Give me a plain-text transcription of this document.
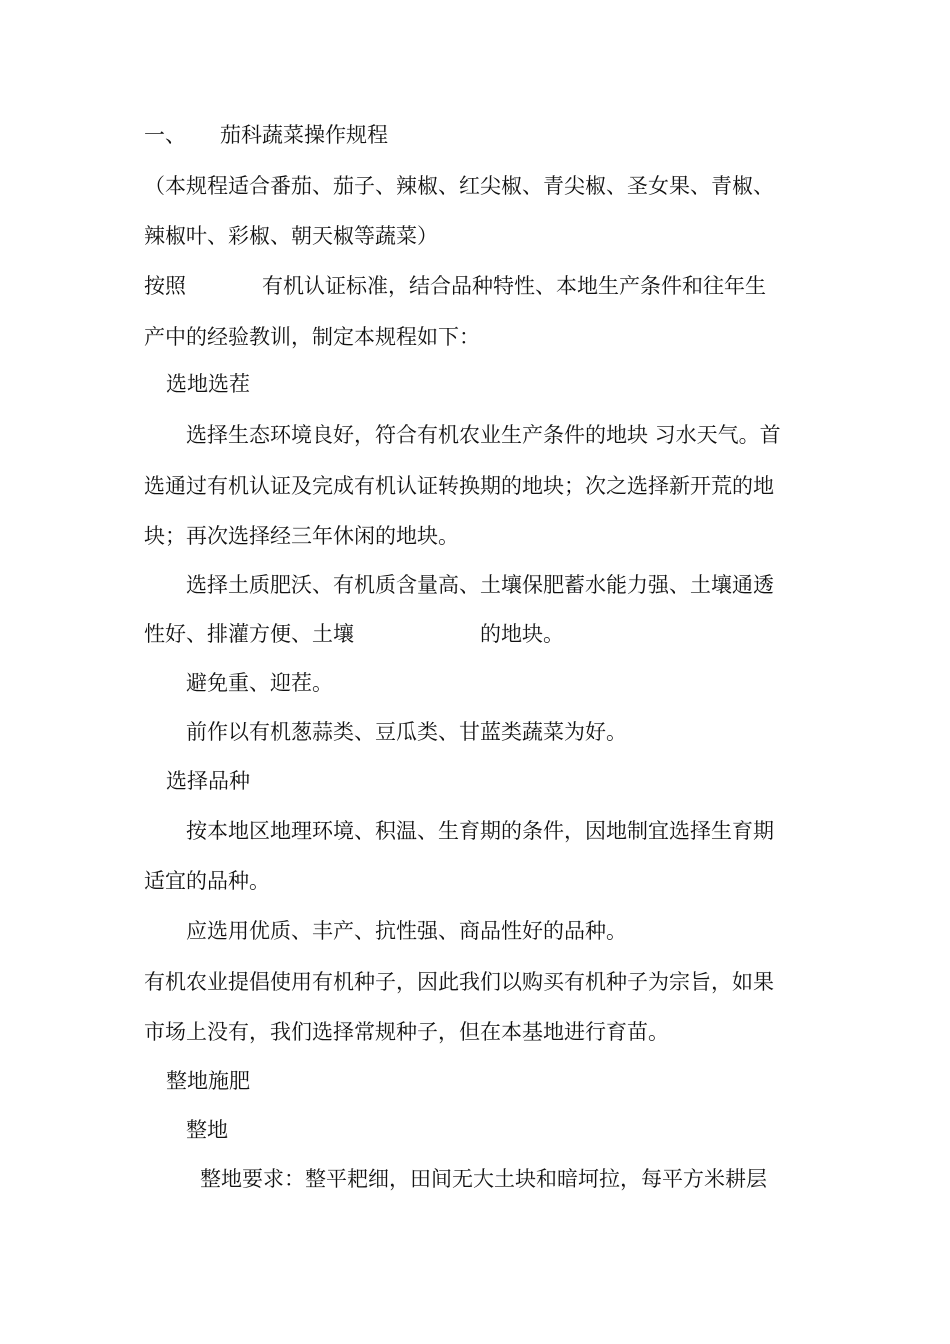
一、 茄科蔬菜操作规程
（本规程适合番茄、茄子、辣椒、红尖椒、青尖椒、圣女果、青椒、
辣椒叶、彩椒、朝天椒等蔬菜）
按照	有机认证标准，结合品种特性、本地生产条件和往年生
产中的经验教训，制定本规程如下：
选地选茬
选择生态环境良好，符合有机农业生产条件的地块 习水天气。首
选通过有机认证及完成有机认证转换期的地块；次之选择新开荒的地
块；再次选择经三年休闲的地块。
选择土质肥沃、有机质含量高、土壤保肥蓄水能力强、土壤通透
性好、排灌方便、土壤	的地块。
避免重、迎茬。
前作以有机葱蒜类、豆瓜类、甘蓝类蔬菜为好。
选择品种
按本地区地理环境、积温、生育期的条件，因地制宜选择生育期
适宜的品种。
应选用优质、丰产、抗性强、商品性好的品种。
有机农业提倡使用有机种子，因此我们以购买有机种子为宗旨，如果
市场上没有，我们选择常规种子，但在本基地进行育苗。
整地施肥
整地
整地要求：整平耙细，田间无大土块和暗坷拉，每平方米耕层
